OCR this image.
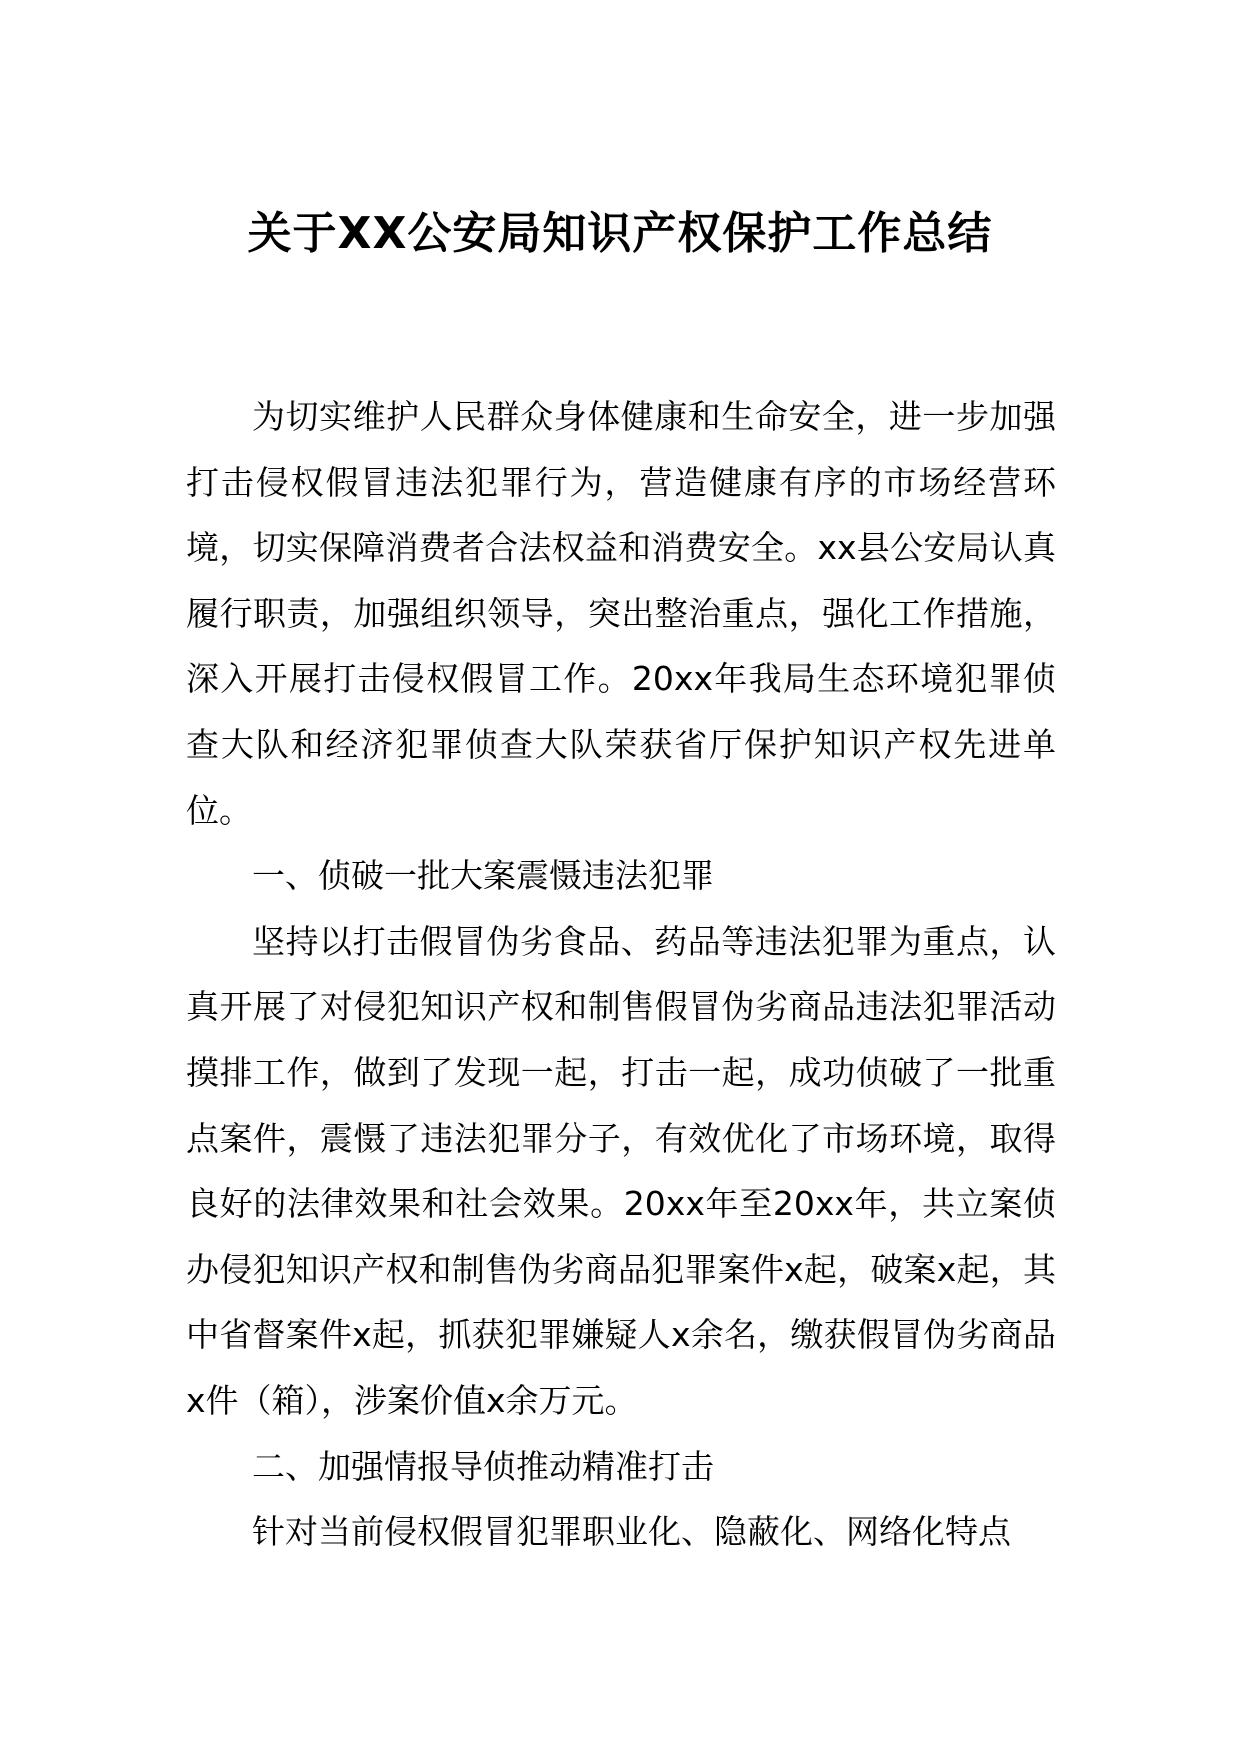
关于XX公安局知识产权保护工作总结

为切实维护人民群众身体健康和生命安全，进一步加强打击侵权假冒违法犯罪行为，营造健康有序的市场经营环境，切实保障消费者合法权益和消费安全。xx县公安局认真履行职责，加强组织领导，突出整治重点，强化工作措施，深入开展打击侵权假冒工作。20xx年我局生态环境犯罪侦查大队和经济犯罪侦查大队荣获省厅保护知识产权先进单位。

一、侦破一批大案震慑违法犯罪

坚持以打击假冒伪劣食品、药品等违法犯罪为重点，认真开展了对侵犯知识产权和制售假冒伪劣商品违法犯罪活动摸排工作，做到了发现一起，打击一起，成功侦破了一批重点案件，震慑了违法犯罪分子，有效优化了市场环境，取得良好的法律效果和社会效果。20xx年至20xx年，共立案侦办侵犯知识产权和制售伪劣商品犯罪案件x起，破案x起，其中省督案件x起，抓获犯罪嫌疑人x余名，缴获假冒伪劣商品x件（箱），涉案价值x余万元。

二、加强情报导侦推动精准打击

针对当前侵权假冒犯罪职业化、隐蔽化、网络化特点
